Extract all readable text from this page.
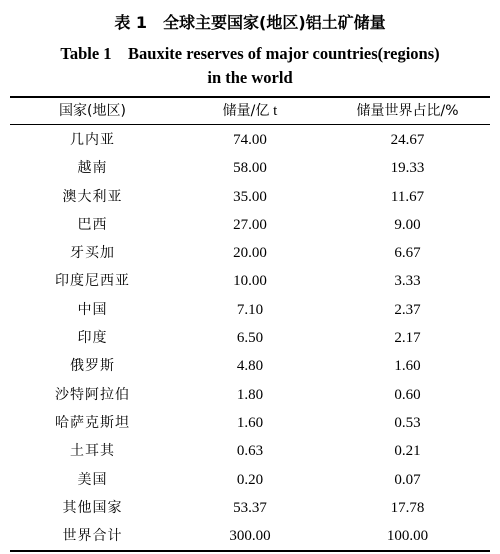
表 1　全球主要国家(地区)铝土矿储量
Table 1　Bauxite reserves of major countries(regions)
in the world
国家(地区)	储量/亿 t	储量世界占比/%
几内亚	74.00	24.67
越南	58.00	19.33
澳大利亚	35.00	11.67
巴西	27.00	9.00
牙买加	20.00	6.67
印度尼西亚	10.00	3.33
中国	7.10	2.37
印度	6.50	2.17
俄罗斯	4.80	1.60
沙特阿拉伯	1.80	0.60
哈萨克斯坦	1.60	0.53
土耳其	0.63	0.21
美国	0.20	0.07
其他国家	53.37	17.78
世界合计	300.00	100.00
